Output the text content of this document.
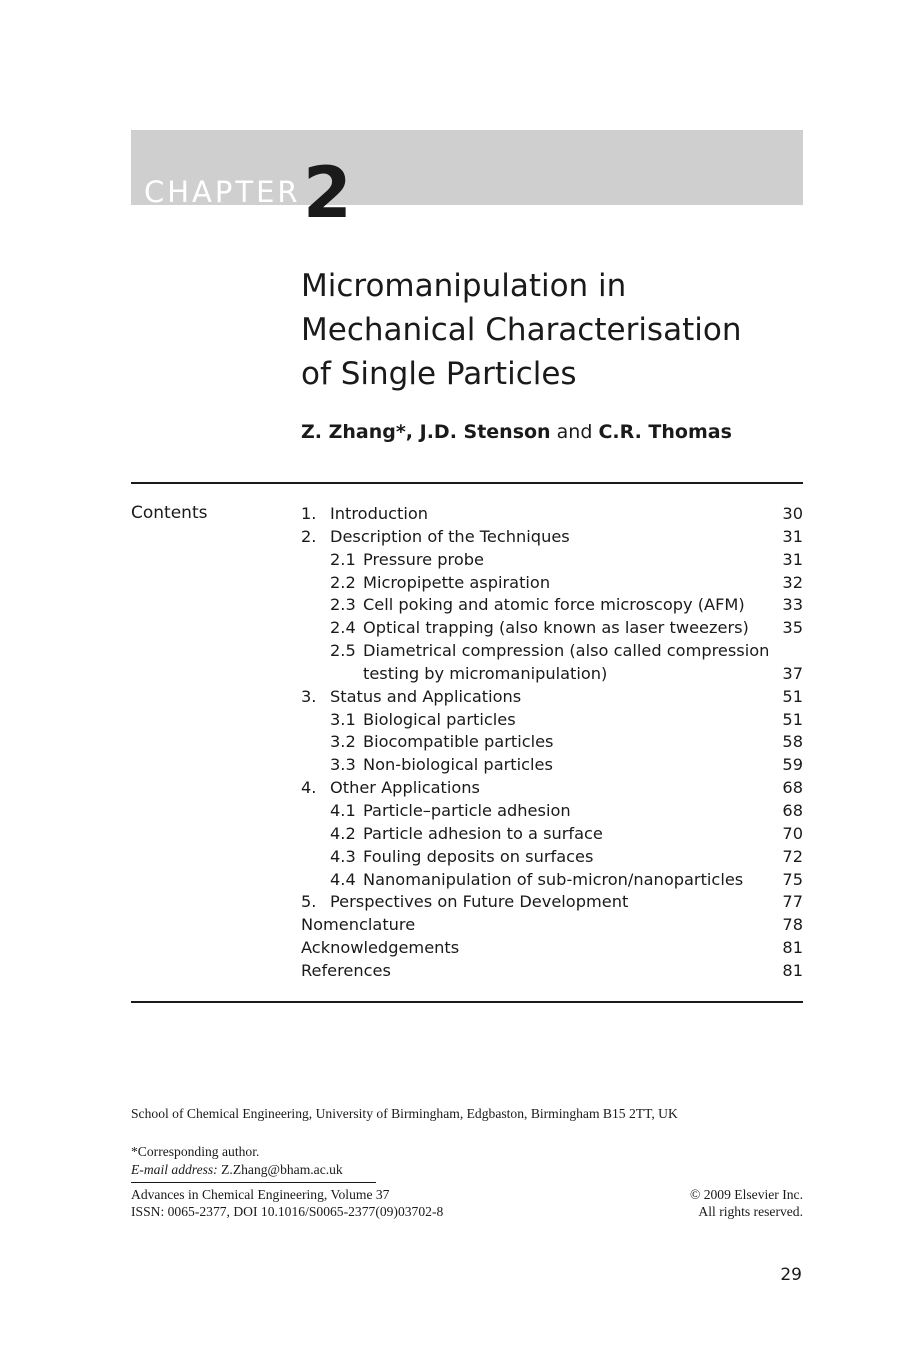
CHAPTER 2
Micromanipulation in
Mechanical Characterisation
of Single Particles
Z. Zhang*, J.D. Stenson and C.R. Thomas
Contents	1. Introduction	30
2. Description of the Techniques	31
2.1 Pressure probe	31
2.2 Micropipette aspiration	32
2.3 Cell poking and atomic force microscopy (AFM) 33
2.4 Optical trapping (also known as laser tweezers) 35
2.5 Diametrical compression (also called compression
testing by micromanipulation)	37
3. Status and Applications	51
3.1 Biological particles	51
3.2 Biocompatible particles	58
3.3 Non-biological particles	59
4. Other Applications	68
4.1 Particle–particle adhesion	68
4.2 Particle adhesion to a surface	70
4.3 Fouling deposits on surfaces	72
4.4 Nanomanipulation of sub-micron/nanoparticles 75
5. Perspectives on Future Development	77
Nomenclature	78
Acknowledgements	81
References	81
School of Chemical Engineering, University of Birmingham, Edgbaston, Birmingham B15 2TT, UK
*Corresponding author.
E-mail address: Z.Zhang@bham.ac.uk
Advances in Chemical Engineering, Volume 37
ISSN: 0065-2377, DOI 10.1016/S0065-2377(09)03702-8
© 2009 Elsevier Inc.
All rights reserved.
29
